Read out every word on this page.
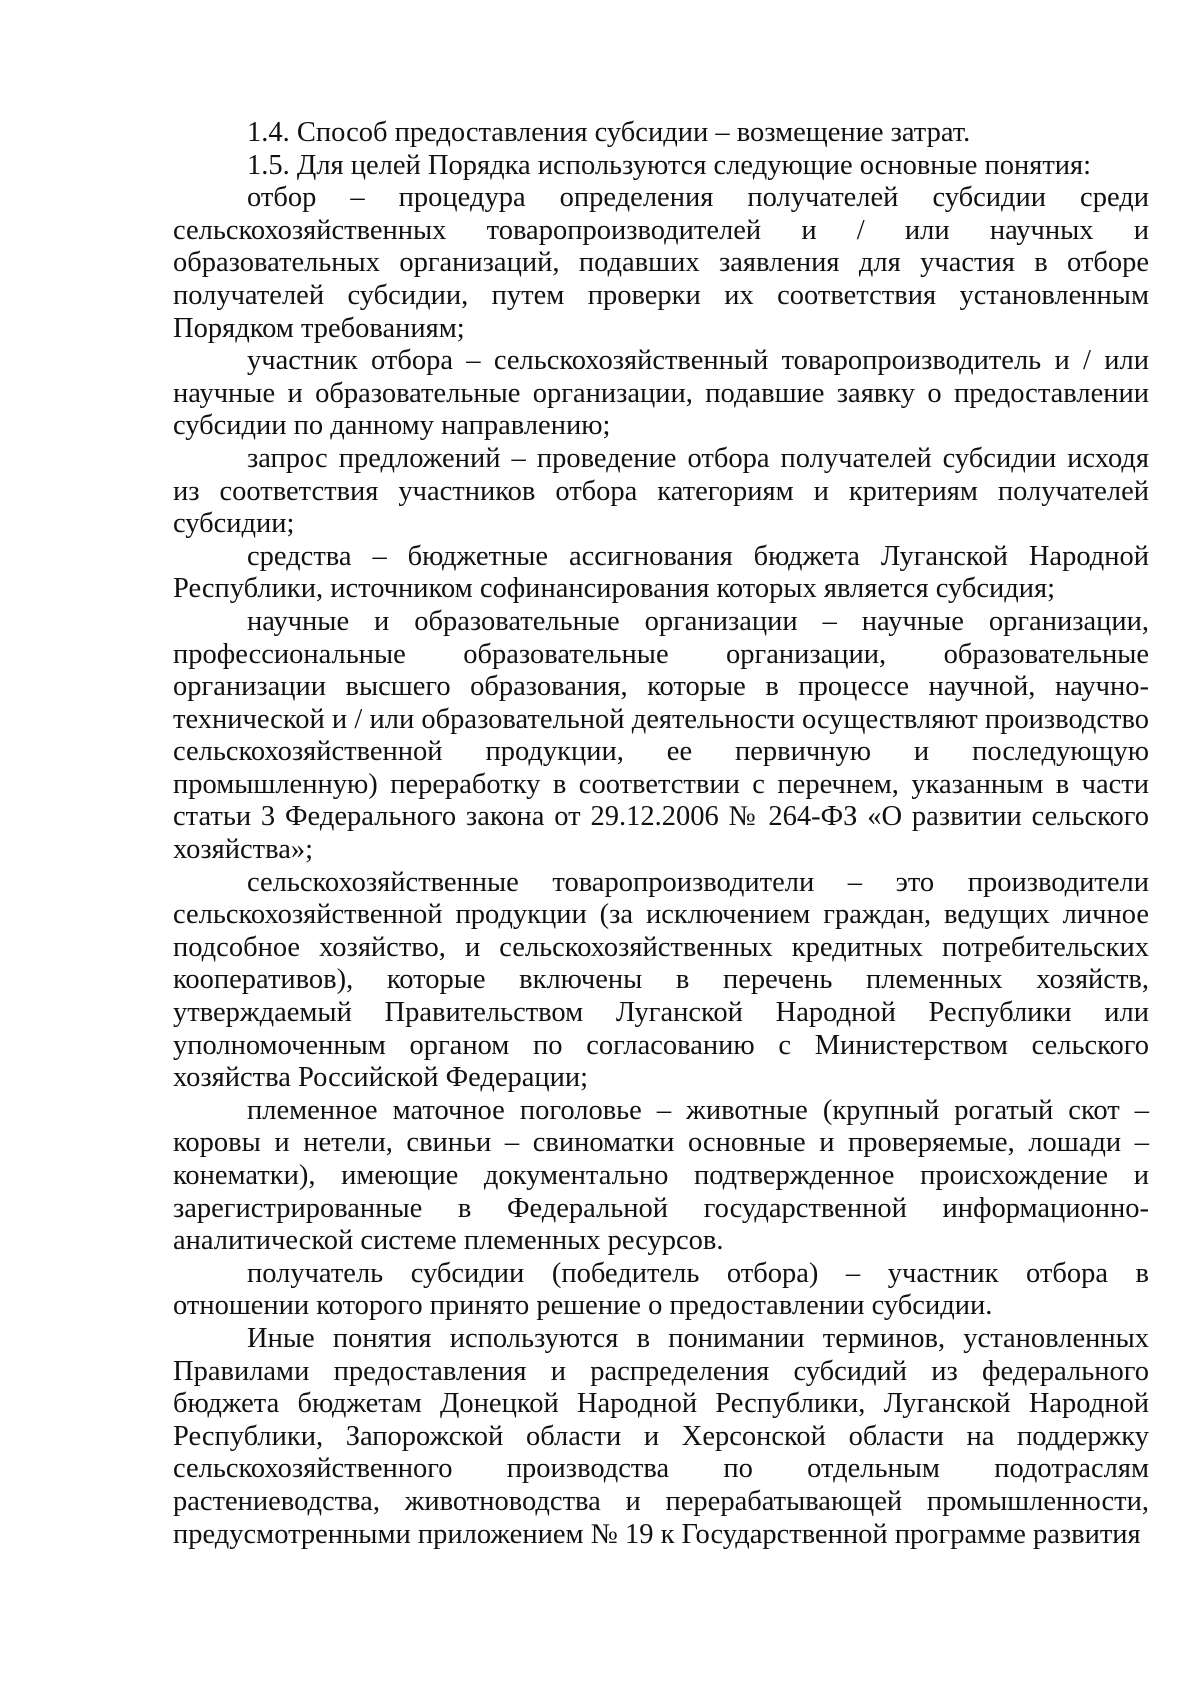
1.4. Способ предоставления субсидии – возмещение затрат.

1.5. Для целей Порядка используются следующие основные понятия:

отбор – процедура определения получателей субсидии среди сельскохозяйственных товаропроизводителей и / или научных и образовательных организаций, подавших заявления для участия в отборе получателей субсидии, путем проверки их соответствия установленным Порядком требованиям;

участник отбора – сельскохозяйственный товаропроизводитель и / или научные и образовательные организации, подавшие заявку о предоставлении субсидии по данному направлению;

запрос предложений – проведение отбора получателей субсидии исходя из соответствия участников отбора категориям и критериям получателей субсидии;

средства – бюджетные ассигнования бюджета Луганской Народной Республики, источником софинансирования которых является субсидия;

научные и образовательные организации – научные организации, профессиональные образовательные организации, образовательные организации высшего образования, которые в процессе научной, научно-технической и / или образовательной деятельности осуществляют производство сельскохозяйственной продукции, ее первичную и последующую промышленную) переработку в соответствии с перечнем, указанным в части статьи 3 Федерального закона от 29.12.2006 № 264-ФЗ «О развитии сельского хозяйства»;

сельскохозяйственные товаропроизводители – это производители сельскохозяйственной продукции (за исключением граждан, ведущих личное подсобное хозяйство, и сельскохозяйственных кредитных потребительских кооперативов), которые включены в перечень племенных хозяйств, утверждаемый Правительством Луганской Народной Республики или уполномоченным органом по согласованию с Министерством сельского хозяйства Российской Федерации;

племенное маточное поголовье – животные (крупный рогатый скот – коровы и нетели, свиньи – свиноматки основные и проверяемые, лошади – конематки), имеющие документально подтвержденное происхождение и зарегистрированные в Федеральной государственной информационно-аналитической системе племенных ресурсов.

получатель субсидии (победитель отбора) – участник отбора в отношении которого принято решение о предоставлении субсидии.

Иные понятия используются в понимании терминов, установленных Правилами предоставления и распределения субсидий из федерального бюджета бюджетам Донецкой Народной Республики, Луганской Народной Республики, Запорожской области и Херсонской области на поддержку сельскохозяйственного производства по отдельным подотраслям растениеводства, животноводства и перерабатывающей промышленности, предусмотренными приложением № 19 к Государственной программе развития
